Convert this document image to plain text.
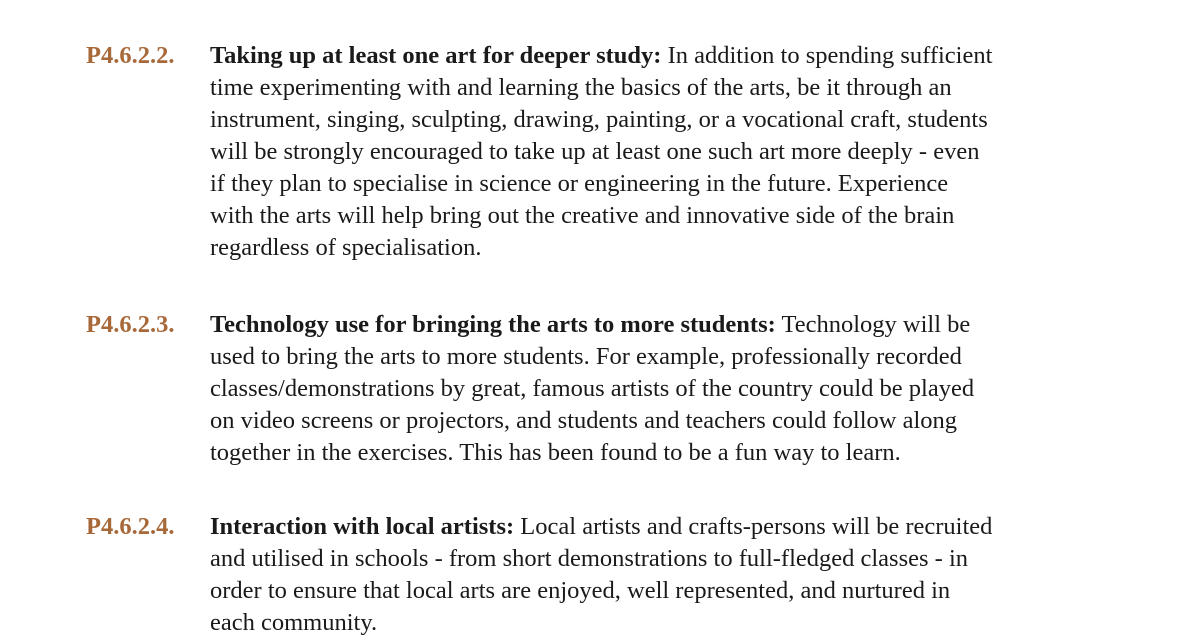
P4.6.2.2. Taking up at least one art for deeper study: In addition to spending sufficient
time experimenting with and learning the basics of the arts, be it through an
instrument, singing, sculpting, drawing, painting, or a vocational craft, students
will be strongly encouraged to take up at least one such art more deeply - even
if they plan to specialise in science or engineering in the future. Experience
with the arts will help bring out the creative and innovative side of the brain
regardless of specialisation.
P4.6.2.3. Technology use for bringing the arts to more students: Technology will be
used to bring the arts to more students. For example, professionally recorded
classes/demonstrations by great, famous artists of the country could be played
on video screens or projectors, and students and teachers could follow along
together in the exercises. This has been found to be a fun way to learn.
P4.6.2.4. Interaction with local artists: Local artists and crafts-persons will be recruited
and utilised in schools - from short demonstrations to full-fledged classes - in
order to ensure that local arts are enjoyed, well represented, and nurtured in
each community.
